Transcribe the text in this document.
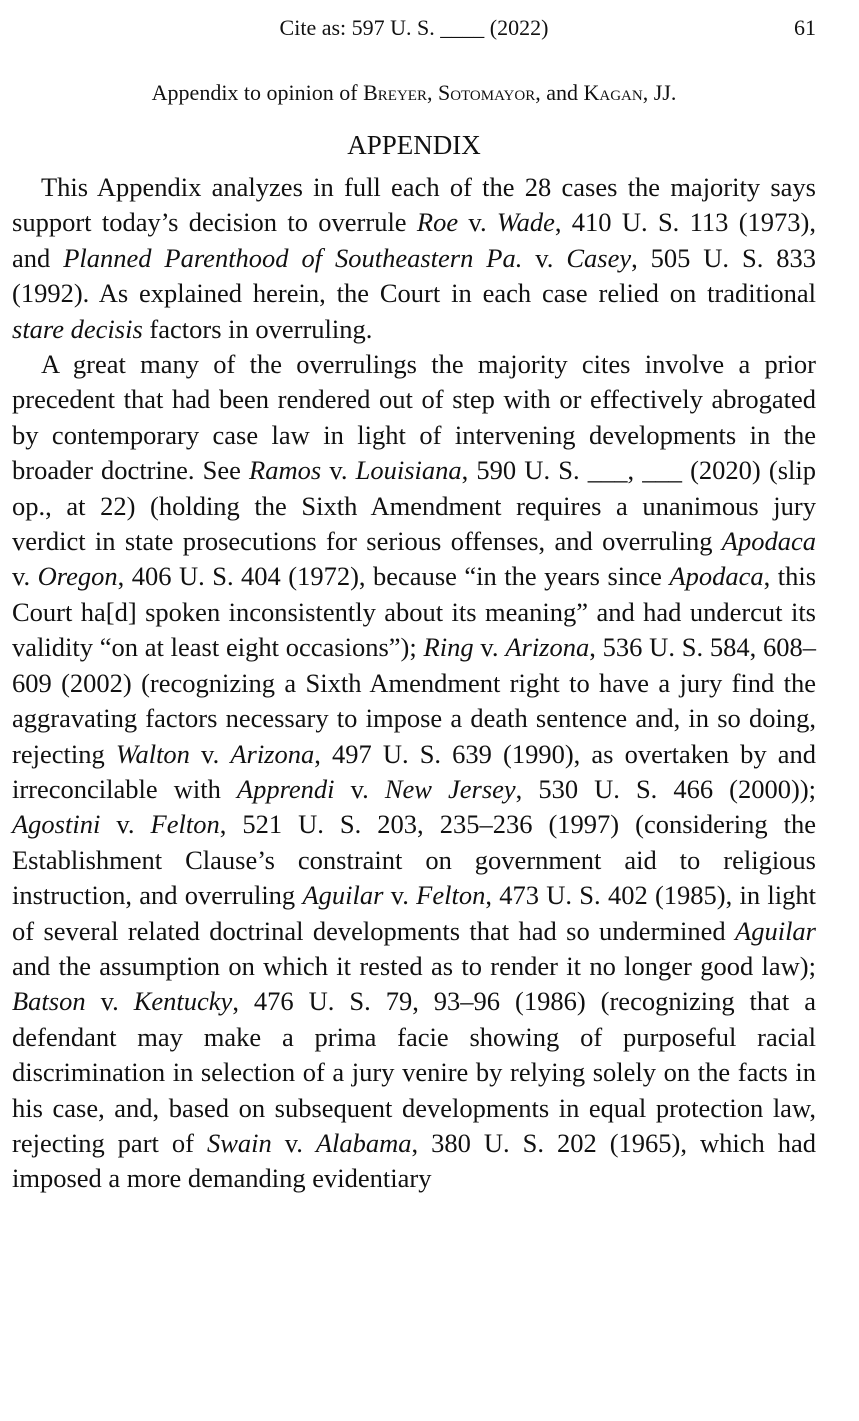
Cite as: 597 U. S. ____ (2022)	61
Appendix to opinion of Breyer, Sotomayor, and Kagan, JJ.
APPENDIX

This Appendix analyzes in full each of the 28 cases the majority says support today’s decision to overrule Roe v. Wade, 410 U. S. 113 (1973), and Planned Parenthood of Southeastern Pa. v. Casey, 505 U. S. 833 (1992). As explained herein, the Court in each case relied on traditional stare decisis factors in overruling.

A great many of the overrulings the majority cites involve a prior precedent that had been rendered out of step with or effectively abrogated by contemporary case law in light of intervening developments in the broader doctrine. See Ramos v. Louisiana, 590 U. S. ___, ___ (2020) (slip op., at 22) (holding the Sixth Amendment requires a unanimous jury verdict in state prosecutions for serious offenses, and overruling Apodaca v. Oregon, 406 U. S. 404 (1972), because “in the years since Apodaca, this Court ha[d] spoken inconsistently about its meaning” and had undercut its validity “on at least eight occasions”); Ring v. Arizona, 536 U. S. 584, 608–609 (2002) (recognizing a Sixth Amendment right to have a jury find the aggravating factors necessary to impose a death sentence and, in so doing, rejecting Walton v. Arizona, 497 U. S. 639 (1990), as overtaken by and irreconcilable with Apprendi v. New Jersey, 530 U. S. 466 (2000)); Agostini v. Felton, 521 U. S. 203, 235–236 (1997) (considering the Establishment Clause’s constraint on government aid to religious instruction, and overruling Aguilar v. Felton, 473 U. S. 402 (1985), in light of several related doctrinal developments that had so undermined Aguilar and the assumption on which it rested as to render it no longer good law); Batson v. Kentucky, 476 U. S. 79, 93–96 (1986) (recognizing that a defendant may make a prima facie showing of purposeful racial discrimination in selection of a jury venire by relying solely on the facts in his case, and, based on subsequent developments in equal protection law, rejecting part of Swain v. Alabama, 380 U. S. 202 (1965), which had imposed a more demanding evidentiary
